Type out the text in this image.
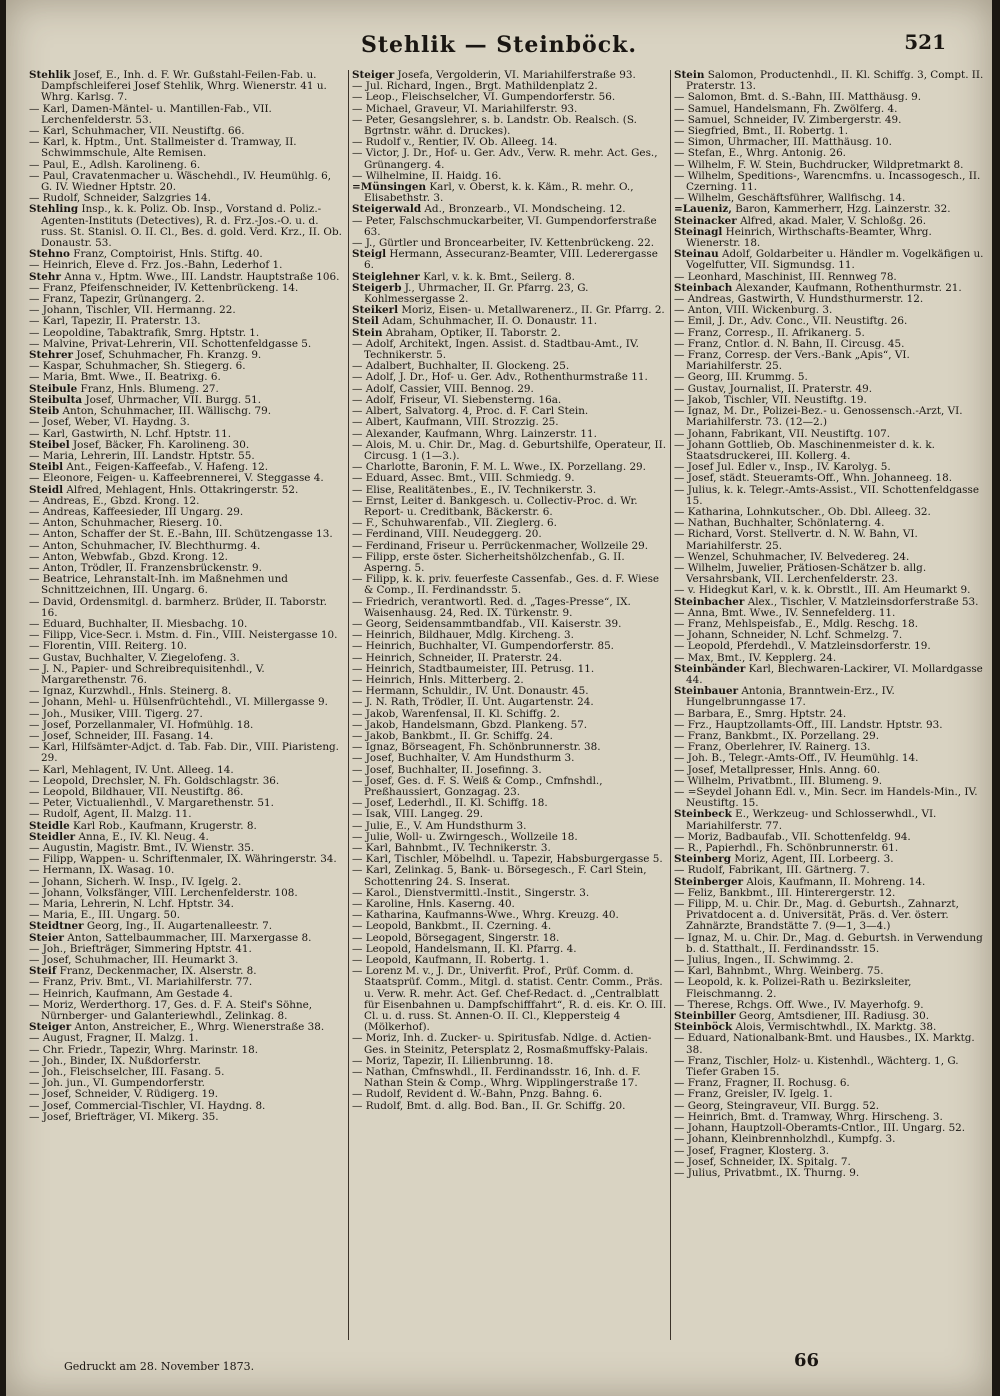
Stehlik — Steinböck.	521

Stehlik Josef, E., Inh. d. F. Wr. Gußstahl-Feilen-Fab. u. Dampfschleiferei Josef Stehlik, Whrg. Wienerstr. 41 u. Whrg. Karlsg. 7.

— Karl, Damen-Mäntel- u. Mantillen-Fab., VII. Lerchenfelderstr. 53.

— Karl, Schuhmacher, VII. Neustiftg. 66.

— Karl, k. Hptm., Unt. Stallmeister d. Tramway, II. Schwimmschule, Alte Remisen.

— Paul, E., Adlsh. Karolineng. 6.

— Paul, Cravatenmacher u. Wäschehdl., IV. Heumühlg. 6, G. IV. Wiedner Hptstr. 20.

— Rudolf, Schneider, Salzgries 14.

Stehling Insp., k. k. Poliz. Ob. Insp., Vorstand d. Poliz.-Agenten-Instituts (Detectives), R. d. Frz.-Jos.-O. u. d. russ. St. Stanisl. O. II. Cl., Bes. d. gold. Verd. Krz., II. Ob. Donaustr. 53.

Stehno Franz, Comptoirist, Hnls. Stiftg. 40.

— Heinrich, Eleve d. Frz. Jos.-Bahn, Lederhof 1.

Stehr Anna v., Hptm. Wwe., III. Landstr. Hauptstraße 106.

— Franz, Pfeifenschneider, IV. Kettenbrückeng. 14.

— Franz, Tapezir, Grünangerg. 2.

— Johann, Tischler, VII. Hermanng. 22.

— Karl, Tapezir, II. Praterstr. 13.

— Leopoldine, Tabaktrafik, Smrg. Hptstr. 1.

— Malvine, Privat-Lehrerin, VII. Schottenfeldgasse 5.

Stehrer Josef, Schuhmacher, Fh. Kranzg. 9.

— Kaspar, Schuhmacher, Sh. Stiegerg. 6.

— Maria, Bmt. Wwe., II. Beatrixg. 6.

Steibule Franz, Hnls. Blumeng. 27.

Steibulta Josef, Uhrmacher, VII. Burgg. 51.

Steib Anton, Schuhmacher, III. Wällischg. 79.

— Josef, Weber, VI. Haydng. 3.

— Karl, Gastwirth, N. Lchf. Hptstr. 11.

Steibel Josef, Bäcker, Fh. Karolineng. 30.

— Maria, Lehrerin, III. Landstr. Hptstr. 55.

Steibl Ant., Feigen-Kaffeefab., V. Hafeng. 12.

— Eleonore, Feigen- u. Kaffeebrennerei, V. Steggasse 4.

Steidl Alfred, Mehlagent, Hnls. Ottakringerstr. 52.

— Andreas, E., Gbzd. Krong. 12.

— Andreas, Kaffeesieder, III Ungarg. 29.

— Anton, Schuhmacher, Rieserg. 10.

— Anton, Schaffer der St. E.-Bahn, III. Schützengasse 13.

— Anton, Schuhmacher, IV. Blechthurmg. 4.

— Anton, Webwfab., Gbzd. Krong. 12.

— Anton, Trödler, II. Franzensbrückenstr. 9.

— Beatrice, Lehranstalt-Inh. im Maßnehmen und Schnittzeichnen, III. Ungarg. 6.

— David, Ordensmitgl. d. barmherz. Brüder, II. Taborstr. 16.

— Eduard, Buchhalter, II. Miesbachg. 10.

— Filipp, Vice-Secr. i. Mstm. d. Fin., VIII. Neistergasse 10.

— Florentin, VIII. Reiterg. 10.

— Gustav, Buchhalter, V. Ziegelofeng. 3.

— J. N., Papier- und Schreibrequisitenhdl., V. Margarethenstr. 76.

— Ignaz, Kurzwhdl., Hnls. Steinerg. 8.

— Johann, Mehl- u. Hülsenfrüchtehdl., VI. Millergasse 9.

— Joh., Musiker, VIII. Tigerg. 27.

— Josef, Porzellanmaler, VI. Hofmühlg. 18.

— Josef, Schneider, III. Fasang. 14.

— Karl, Hilfsämter-Adjct. d. Tab. Fab. Dir., VIII. Piaristeng. 29.

— Karl, Mehlagent, IV. Unt. Alleeg. 14.

— Leopold, Drechsler, N. Fh. Goldschlagstr. 36.

— Leopold, Bildhauer, VII. Neustiftg. 86.

— Peter, Victualienhdl., V. Margarethenstr. 51.

— Rudolf, Agent, II. Malzg. 11.

Steidle Karl Rob., Kaufmann, Krugerstr. 8.

Steidler Anna, E., IV. Kl. Neug. 4.

— Augustin, Magistr. Bmt., IV. Wienstr. 35.

— Filipp, Wappen- u. Schriftenmaler, IX. Währingerstr. 34.

— Hermann, IX. Wasag. 10.

— Johann, Sicherh. W. Insp., IV. Igelg. 2.

— Johann, Volksfänger, VIII. Lerchenfelderstr. 108.

— Maria, Lehrerin, N. Lchf. Hptstr. 34.

— Maria, E., III. Ungarg. 50.

Steidtner Georg, Ing., II. Augartenalleestr. 7.

Steier Anton, Sattelbaummacher, III. Marxergasse 8.

— Joh., Briefträger, Simmering Hptstr. 41.

— Josef, Schuhmacher, III. Heumarkt 3.

Steif Franz, Deckenmacher, IX. Alserstr. 8.

— Franz, Priv. Bmt., VI. Mariahilferstr. 77.

— Heinrich, Kaufmann, Am Gestade 4.

— Moriz, Werderthorg. 17, Ges. d. F. A. Steif's Söhne, Nürnberger- und Galanteriewhdl., Zelinkag. 8.

Steiger Anton, Anstreicher, E., Whrg. Wienerstraße 38.

— August, Fragner, II. Malzg. 1.

— Chr. Friedr., Tapezir, Whrg. Marinstr. 18.

— Joh., Binder, IX. Nußdorferstr.

— Joh., Fleischselcher, III. Fasang. 5.

— Joh. jun., VI. Gumpendorferstr.

— Josef, Schneider, V. Rüdigerg. 19.

— Josef, Commercial-Tischler, VI. Haydng. 8.

— Josef, Briefträger, VI. Mikerg. 35.

Steiger Josefa, Vergolderin, VI. Mariahilferstraße 93.

— Jul. Richard, Ingen., Brgt. Mathildenplatz 2.

— Leop., Fleischselcher, VI. Gumpendorferstr. 56.

— Michael, Graveur, VI. Mariahilferstr. 93.

— Peter, Gesangslehrer, s. b. Landstr. Ob. Realsch. (S. Bgrtnstr. währ. d. Druckes).

— Rudolf v., Rentier, IV. Ob. Alleeg. 14.

— Victor, J. Dr., Hof- u. Ger. Adv., Verw. R. mehr. Act. Ges., Grünangerg. 4.

— Wilhelmine, II. Haidg. 16.

=Münsingen Karl, v. Oberst, k. k. Käm., R. mehr. O., Elisabethstr. 3.

Steigerwald Ad., Bronzearb., VI. Mondscheing. 12.

— Peter, Falschschmuckarbeiter, VI. Gumpendorferstraße 63.

— J., Gürtler und Broncearbeiter, IV. Kettenbrückeng. 22.

Steigl Hermann, Assecuranz-Beamter, VIII. Lederergasse 6.

Steiglehner Karl, v. k. k. Bmt., Seilerg. 8.

Steigerb J., Uhrmacher, II. Gr. Pfarrg. 23, G. Kohlmessergasse 2.

Steikerl Moriz, Eisen- u. Metallwarenerz., II. Gr. Pfarrg. 2.

Steil Adam, Schuhmacher, II. O. Donaustr. 11.

Stein Abraham, Optiker, II. Taborstr. 2.

— Adolf, Architekt, Ingen. Assist. d. Stadtbau-Amt., IV. Technikerstr. 5.

— Adalbert, Buchhalter, II. Glockeng. 25.

— Adolf, J. Dr., Hof- u. Ger. Adv., Rothenthurmstraße 11.

— Adolf, Cassier, VIII. Bennog. 29.

— Adolf, Friseur, VI. Siebensterng. 16a.

— Albert, Salvatorg. 4, Proc. d. F. Carl Stein.

— Albert, Kaufmann, VIII. Strozzig. 25.

— Alexander, Kaufmann, Whrg. Lainzerstr. 11.

— Alois, M. u. Chir. Dr., Mag. d. Geburtshilfe, Operateur, II. Circusg. 1 (1—3.).

— Charlotte, Baronin, F. M. L. Wwe., IX. Porzellang. 29.

— Eduard, Assec. Bmt., VIII. Schmiedg. 9.

— Elise, Realitätenbes., E., IV. Technikerstr. 3.

— Ernst, Leiter d. Bankgesch. u. Collectiv-Proc. d. Wr. Report- u. Creditbank, Bäckerstr. 6.

— F., Schuhwarenfab., VII. Zieglerg. 6.

— Ferdinand, VIII. Neudeggerg. 20.

— Ferdinand, Friseur u. Perrückenmacher, Wollzeile 29.

— Filipp, erste öster. Sicherheitshölzchenfab., G. II. Asperng. 5.

— Filipp, k. k. priv. feuerfeste Cassenfab., Ges. d. F. Wiese & Comp., II. Ferdinandsstr. 5.

— Friedrich, verantwortl. Red. d. „Tages-Presse“, IX. Waisenhausg. 24, Red. IX. Türkenstr. 9.

— Georg, Seidensammtbandfab., VII. Kaiserstr. 39.

— Heinrich, Bildhauer, Mdlg. Kircheng. 3.

— Heinrich, Buchhalter, VI. Gumpendorferstr. 85.

— Heinrich, Schneider, II. Praterstr. 24.

— Heinrich, Stadtbaumeister, III. Petrusg. 11.

— Heinrich, Hnls. Mitterberg. 2.

— Hermann, Schuldir., IV. Unt. Donaustr. 45.

— J. N. Rath, Trödler, II. Unt. Augartenstr. 24.

— Jakob, Warenfensal, II. Kl. Schiffg. 2.

— Jakob, Handelsmann, Gbzd. Plankeng. 57.

— Jakob, Bankbmt., II. Gr. Schiffg. 24.

— Ignaz, Börseagent, Fh. Schönbrunnerstr. 38.

— Josef, Buchhalter, V. Am Hundsthurm 3.

— Josef, Buchhalter, II. Josefinng. 3.

— Josef, Ges. d. F. S. Weiß & Comp., Cmfnshdl., Preßhaussiert, Gonzagag. 23.

— Josef, Lederhdl., II. Kl. Schiffg. 18.

— Isak, VIII. Langeg. 29.

— Julie, E., V. Am Hundsthurm 3.

— Julie, Woll- u. Zwirngesch., Wollzeile 18.

— Karl, Bahnbmt., IV. Technikerstr. 3.

— Karl, Tischler, Möbelhdl. u. Tapezir, Habsburgergasse 5.

— Karl, Zelinkag. 5, Bank- u. Börsegesch., F. Carl Stein, Schottenring 24. S. Inserat.

— Karol., Dienstvermittl.-Instit., Singerstr. 3.

— Karoline, Hnls. Kaserng. 40.

— Katharina, Kaufmanns-Wwe., Whrg. Kreuzg. 40.

— Leopold, Bankbmt., II. Czerning. 4.

— Leopold, Börsegagent, Singerstr. 18.

— Leopold, Handelsmann, II. Kl. Pfarrg. 4.

— Leopold, Kaufmann, II. Robertg. 1.

— Lorenz M. v., J. Dr., Univerfit. Prof., Prüf. Comm. d. Staatsprüf. Comm., Mitgl. d. statist. Centr. Comm., Präs. u. Verw. R. mehr. Act. Gef. Chef-Redact. d. „Centralblatt für Eisenbahnen u. Dampfschifffahrt“, R. d. eis. Kr. O. III. Cl. u. d. russ. St. Annen-O. II. Cl., Kleppersteig 4 (Mölkerhof).

— Moriz, Inh. d. Zucker- u. Spiritusfab. Ndlge. d. Actien-Ges. in Steinitz, Petersplatz 2, Rosmaßmuffsky-Palais.

— Moriz, Tapezir, II. Lilienbrunng. 18.

— Nathan, Cmfnswhdl., II. Ferdinandsstr. 16, Inh. d. F. Nathan Stein & Comp., Whrg. Wipplingerstraße 17.

— Rudolf, Revident d. W.-Bahn, Pnzg. Bahng. 6.

— Rudolf, Bmt. d. allg. Bod. Ban., II. Gr. Schiffg. 20.

Stein Salomon, Productenhdl., II. Kl. Schiffg. 3, Compt. II. Praterstr. 13.

— Salomon, Bmt. d. S.-Bahn, III. Matthäusg. 9.

— Samuel, Handelsmann, Fh. Zwölferg. 4.

— Samuel, Schneider, IV. Zimbergerstr. 49.

— Siegfried, Bmt., II. Robertg. 1.

— Simon, Uhrmacher, III. Matthäusg. 10.

— Stefan, E., Whrg. Antonig. 26.

— Wilhelm, F. W. Stein, Buchdrucker, Wildpretmarkt 8.

— Wilhelm, Speditions-, Warencmfns. u. Incassogesch., II. Czerning. 11.

— Wilhelm, Geschäftsführer, Wallfischg. 14.

=Laueniz, Baron, Kammerherr, Hzg. Lainzerstr. 32.

Steinacker Alfred, akad. Maler, V. Schloßg. 26.

Steinagl Heinrich, Wirthschafts-Beamter, Whrg. Wienerstr. 18.

Steinau Adolf, Goldarbeiter u. Händler m. Vogelkäfigen u. Vogelfutter, VII. Sigmundsg. 11.

— Leonhard, Maschinist, III. Rennweg 78.

Steinbach Alexander, Kaufmann, Rothenthurmstr. 21.

— Andreas, Gastwirth, V. Hundsthurmerstr. 12.

— Anton, VIII. Wickenburg. 3.

— Emil, J. Dr., Adv. Conc., VII. Neustiftg. 26.

— Franz, Corresp., II. Afrikanerg. 5.

— Franz, Cntlor. d. N. Bahn, II. Circusg. 45.

— Franz, Corresp. der Vers.-Bank „Apis“, VI. Mariahilferstr. 25.

— Georg, III. Krummg. 5.

— Gustav, Journalist, II. Praterstr. 49.

— Jakob, Tischler, VII. Neustiftg. 19.

— Ignaz, M. Dr., Polizei-Bez.- u. Genossensch.-Arzt, VI. Mariahilferstr. 73. (12—2.)

— Johann, Fabrikant, VII. Neustiftg. 107.

— Johann Gottlieb, Ob. Maschinenmeister d. k. k. Staatsdruckerei, III. Kollerg. 4.

— Josef Jul. Edler v., Insp., IV. Karolyg. 5.

— Josef, städt. Steueramts-Off., Whn. Johanneeg. 18.

— Julius, k. k. Telegr.-Amts-Assist., VII. Schottenfeldgasse 15.

— Katharina, Lohnkutscher., Ob. Dbl. Alleeg. 32.

— Nathan, Buchhalter, Schönlaterng. 4.

— Richard, Vorst. Stellvertr. d. N. W. Bahn, VI. Mariahilferstr. 25.

— Wenzel, Schuhmacher, IV. Belvedereg. 24.

— Wilhelm, Juwelier, Prätiosen-Schätzer b. allg. Versahrsbank, VII. Lerchenfelderstr. 23.

— v. Hidegkut Karl, v. k. k. Obrstlt., III. Am Heumarkt 9.

Steinbacher Alex., Tischler, V. Matzleinsdorferstraße 53.

— Anna, Bmt. Wwe., IV. Sennefelderg. 11.

— Franz, Mehlspeisfab., E., Mdlg. Reschg. 18.

— Johann, Schneider, N. Lchf. Schmelzg. 7.

— Leopold, Pferdehdl., V. Matzleinsdorferstr. 19.

— Max, Bmt., IV. Kepplerg. 24.

Steinbänder Karl, Blechwaren-Lackirer, VI. Mollardgasse 44.

Steinbauer Antonia, Branntwein-Erz., IV. Hungelbrunngasse 17.

— Barbara, E., Smrg. Hptstr. 24.

— Frz., Hauptzollamts-Off., III. Landstr. Hptstr. 93.

— Franz, Bankbmt., IX. Porzellang. 29.

— Franz, Oberlehrer, IV. Rainerg. 13.

— Joh. B., Telegr.-Amts-Off., IV. Heumühlg. 14.

— Josef, Metallpresser, Hnls. Anng. 60.

— Wilhelm, Privatbmt., III. Blumeng. 9.

— =Seydel Johann Edl. v., Min. Secr. im Handels-Min., IV. Neustiftg. 15.

Steinbeck E., Werkzeug- und Schlosserwhdl., VI. Mariahilferstr. 77.

— Moriz, Badbaufab., VII. Schottenfeldg. 94.

— R., Papierhdl., Fh. Schönbrunnerstr. 61.

Steinberg Moriz, Agent, III. Lorbeerg. 3.

— Rudolf, Fabrikant, III. Gärtnerg. 7.

Steinberger Alois, Kaufmann, II. Mohreng. 14.

— Feliz, Bankbmt., III. Hinterergerstr. 12.

— Filipp, M. u. Chir. Dr., Mag. d. Geburtsh., Zahnarzt, Privatdocent a. d. Universität, Präs. d. Ver. österr. Zahnärzte, Brandstätte 7. (9—1, 3—4.)

— Ignaz, M. u. Chir. Dr., Mag. d. Geburtsh. in Verwendung b. d. Statthalt., II. Ferdinandsstr. 15.

— Julius, Ingen., II. Schwimmg. 2.

— Karl, Bahnbmt., Whrg. Weinberg. 75.

— Leopold, k. k. Polizei-Rath u. Bezirksleiter, Fleischmanng. 2.

— Therese, Rchgs. Off. Wwe., IV. Mayerhofg. 9.

Steinbiller Georg, Amtsdiener, III. Radiusg. 30.

Steinböck Alois, Vermischtwhdl., IX. Marktg. 38.

— Eduard, Nationalbank-Bmt. und Hausbes., IX. Marktg. 38.

— Franz, Tischler, Holz- u. Kistenhdl., Wächterg. 1, G. Tiefer Graben 15.

— Franz, Fragner, II. Rochusg. 6.

— Franz, Greisler, IV. Igelg. 1.

— Georg, Steingraveur, VII. Burgg. 52.

— Heinrich, Bmt. d. Tramway, Whrg. Hirscheng. 3.

— Johann, Hauptzoll-Oberamts-Cntlor., III. Ungarg. 52.

— Johann, Kleinbrennholzhdl., Kumpfg. 3.

— Josef, Fragner, Klosterg. 3.

— Josef, Schneider, IX. Spitalg. 7.

— Julius, Privatbmt., IX. Thurng. 9.

Gedruckt am 28. November 1873.	66
